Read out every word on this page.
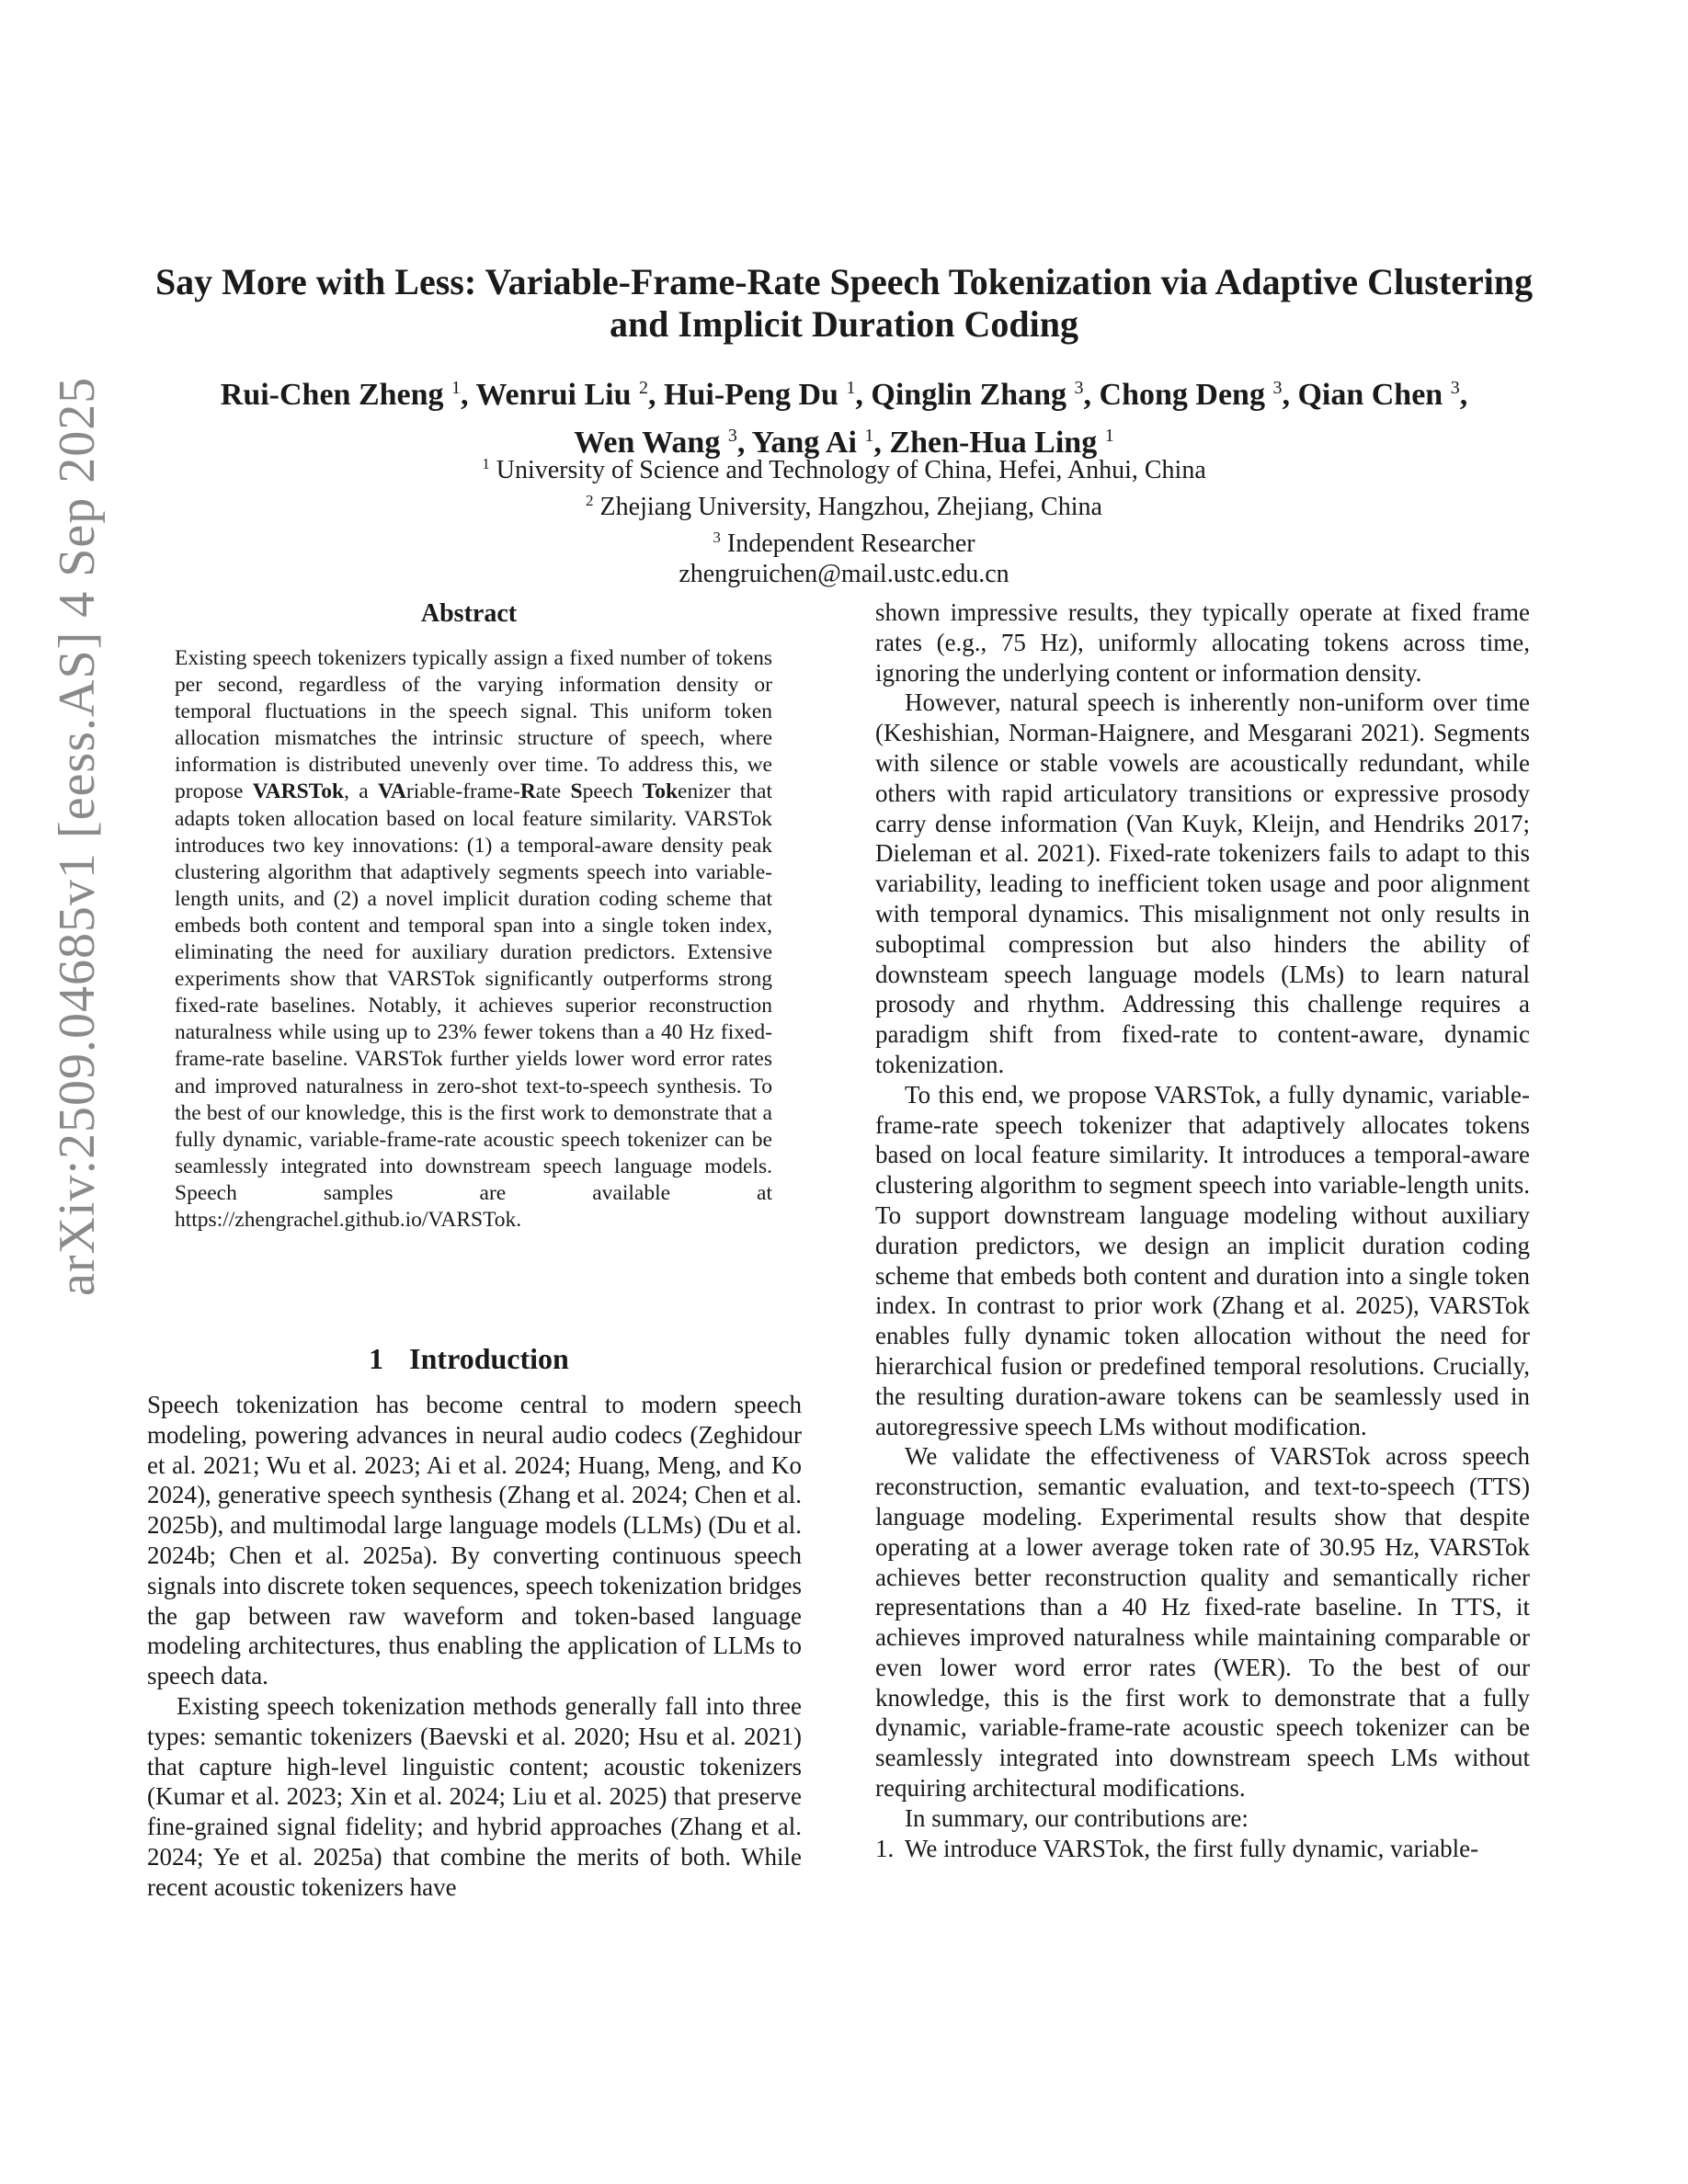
arXiv:2509.04685v1 [eess.AS] 4 Sep 2025
Say More with Less: Variable-Frame-Rate Speech Tokenization via Adaptive Clustering and Implicit Duration Coding
Rui-Chen Zheng $^1$, Wenrui Liu $^2$, Hui-Peng Du $^1$, Qinglin Zhang $^3$, Chong Deng $^3$, Qian Chen $^3$,
Wen Wang $^3$, Yang Ai $^1$, Zhen-Hua Ling $^1$
$^1$ University of Science and Technology of China, Hefei, Anhui, China
$^2$ Zhejiang University, Hangzhou, Zhejiang, China
$^3$ Independent Researcher
zhengruichen@mail.ustc.edu.cn
Abstract

Existing speech tokenizers typically assign a fixed number of tokens per second, regardless of the varying information density or temporal fluctuations in the speech signal. This uniform token allocation mismatches the intrinsic structure of speech, where information is distributed unevenly over time. To address this, we propose VARSTok, a VAriable-frame-Rate Speech Tokenizer that adapts token allocation based on local feature similarity. VARSTok introduces two key innovations: (1) a temporal-aware density peak clustering algorithm that adaptively segments speech into variable-length units, and (2) a novel implicit duration coding scheme that embeds both content and temporal span into a single token index, eliminating the need for auxiliary duration predictors. Extensive experiments show that VARSTok significantly outperforms strong fixed-rate baselines. Notably, it achieves superior reconstruction naturalness while using up to 23% fewer tokens than a 40 Hz fixed-frame-rate baseline. VARSTok further yields lower word error rates and improved naturalness in zero-shot text-to-speech synthesis. To the best of our knowledge, this is the first work to demonstrate that a fully dynamic, variable-frame-rate acoustic speech tokenizer can be seamlessly integrated into downstream speech language models. Speech samples are available at https://zhengrachel.github.io/VARSTok.

1 Introduction

Speech tokenization has become central to modern speech modeling, powering advances in neural audio codecs (Zeghidour et al. 2021; Wu et al. 2023; Ai et al. 2024; Huang, Meng, and Ko 2024), generative speech synthesis (Zhang et al. 2024; Chen et al. 2025b), and multimodal large language models (LLMs) (Du et al. 2024b; Chen et al. 2025a). By converting continuous speech signals into discrete token sequences, speech tokenization bridges the gap between raw waveform and token-based language modeling architectures, thus enabling the application of LLMs to speech data.

Existing speech tokenization methods generally fall into three types: semantic tokenizers (Baevski et al. 2020; Hsu et al. 2021) that capture high-level linguistic content; acoustic tokenizers (Kumar et al. 2023; Xin et al. 2024; Liu et al. 2025) that preserve fine-grained signal fidelity; and hybrid approaches (Zhang et al. 2024; Ye et al. 2025a) that combine the merits of both. While recent acoustic tokenizers have

shown impressive results, they typically operate at fixed frame rates (e.g., 75 Hz), uniformly allocating tokens across time, ignoring the underlying content or information density.

However, natural speech is inherently non-uniform over time (Keshishian, Norman-Haignere, and Mesgarani 2021). Segments with silence or stable vowels are acoustically redundant, while others with rapid articulatory transitions or expressive prosody carry dense information (Van Kuyk, Kleijn, and Hendriks 2017; Dieleman et al. 2021). Fixed-rate tokenizers fails to adapt to this variability, leading to inefficient token usage and poor alignment with temporal dynamics. This misalignment not only results in suboptimal compression but also hinders the ability of downsteam speech language models (LMs) to learn natural prosody and rhythm. Addressing this challenge requires a paradigm shift from fixed-rate to content-aware, dynamic tokenization.

To this end, we propose VARSTok, a fully dynamic, variable-frame-rate speech tokenizer that adaptively allocates tokens based on local feature similarity. It introduces a temporal-aware clustering algorithm to segment speech into variable-length units. To support downstream language modeling without auxiliary duration predictors, we design an implicit duration coding scheme that embeds both content and duration into a single token index. In contrast to prior work (Zhang et al. 2025), VARSTok enables fully dynamic token allocation without the need for hierarchical fusion or predefined temporal resolutions. Crucially, the resulting duration-aware tokens can be seamlessly used in autoregressive speech LMs without modification.

We validate the effectiveness of VARSTok across speech reconstruction, semantic evaluation, and text-to-speech (TTS) language modeling. Experimental results show that despite operating at a lower average token rate of 30.95 Hz, VARSTok achieves better reconstruction quality and semantically richer representations than a 40 Hz fixed-rate baseline. In TTS, it achieves improved naturalness while maintaining comparable or even lower word error rates (WER). To the best of our knowledge, this is the first work to demonstrate that a fully dynamic, variable-frame-rate acoustic speech tokenizer can be seamlessly integrated into downstream speech LMs without requiring architectural modifications.

In summary, our contributions are:

1. We introduce VARSTok, the first fully dynamic, variable-
